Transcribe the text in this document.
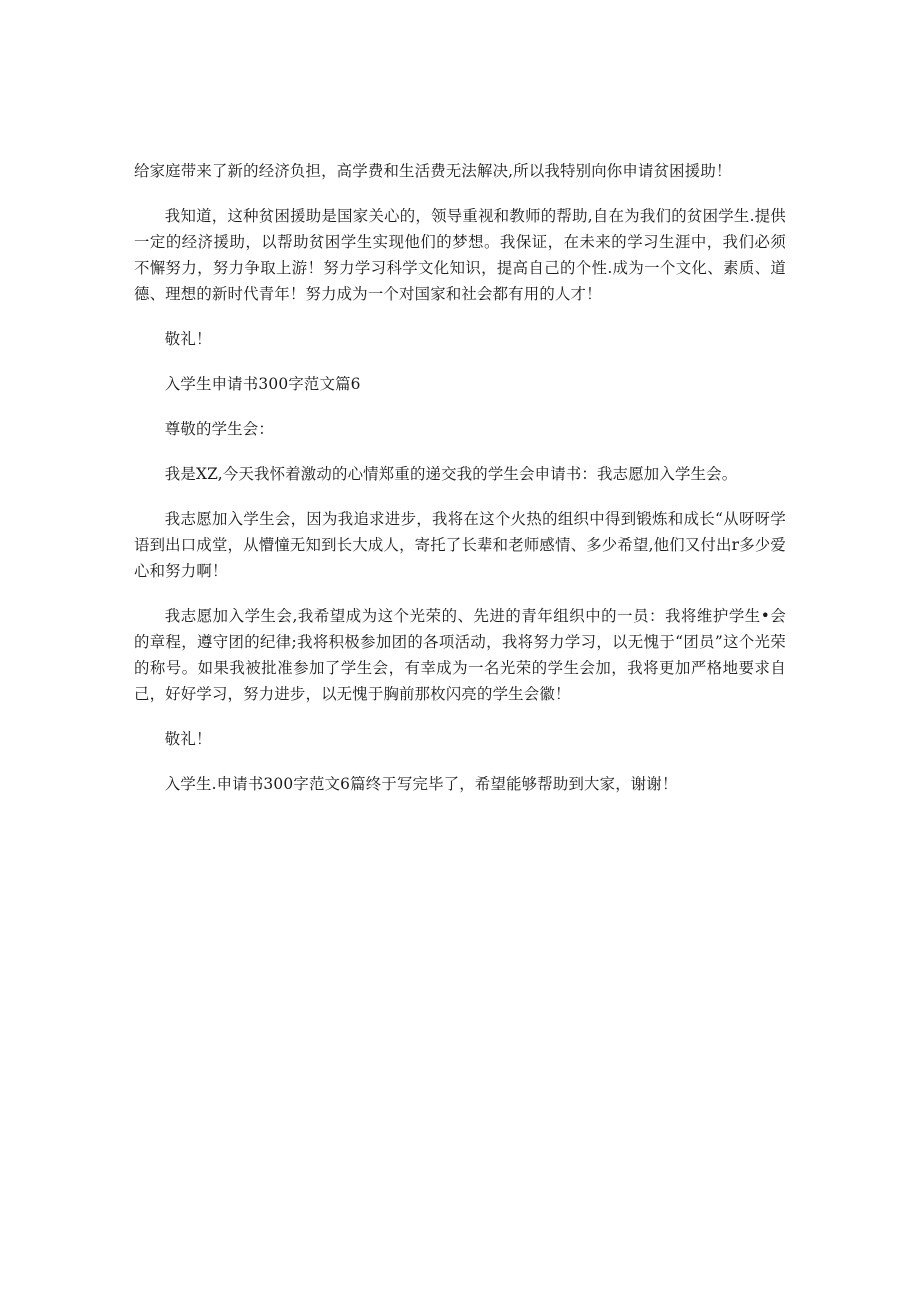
给家庭带来了新的经济负担，高学费和生活费无法解决,所以我特别向你申请贫困援助！

我知道，这种贫困援助是国家关心的，领导重视和教师的帮助,自在为我们的贫困学生.提供一定的经济援助，以帮助贫困学生实现他们的梦想。我保证，在未来的学习生涯中，我们必须不懈努力，努力争取上游！努力学习科学文化知识，提高自己的个性.成为一个文化、素质、道德、理想的新时代青年！努力成为一个对国家和社会都有用的人才！

敬礼！

入学生申请书300字范文篇6

尊敬的学生会：

我是XZ,今天我怀着激动的心情郑重的递交我的学生会申请书：我志愿加入学生会。

我志愿加入学生会，因为我追求进步，我将在这个火热的组织中得到锻炼和成长“从呀呀学语到出口成堂，从懵憧无知到长大成人，寄托了长辈和老师感情、多少希望,他们又付出r多少爱心和努力啊！

我志愿加入学生会,我希望成为这个光荣的、先进的青年组织中的一员：我将维护学生•会的章程，遵守团的纪律;我将积极参加团的各项活动，我将努力学习，以无愧于“团员”这个光荣的称号。如果我被批准参加了学生会，有幸成为一名光荣的学生会加，我将更加严格地要求自己，好好学习，努力进步，以无愧于胸前那枚闪亮的学生会徽！

敬礼！

入学生.申请书300字范文6篇终于写完毕了，希望能够帮助到大家，谢谢！
